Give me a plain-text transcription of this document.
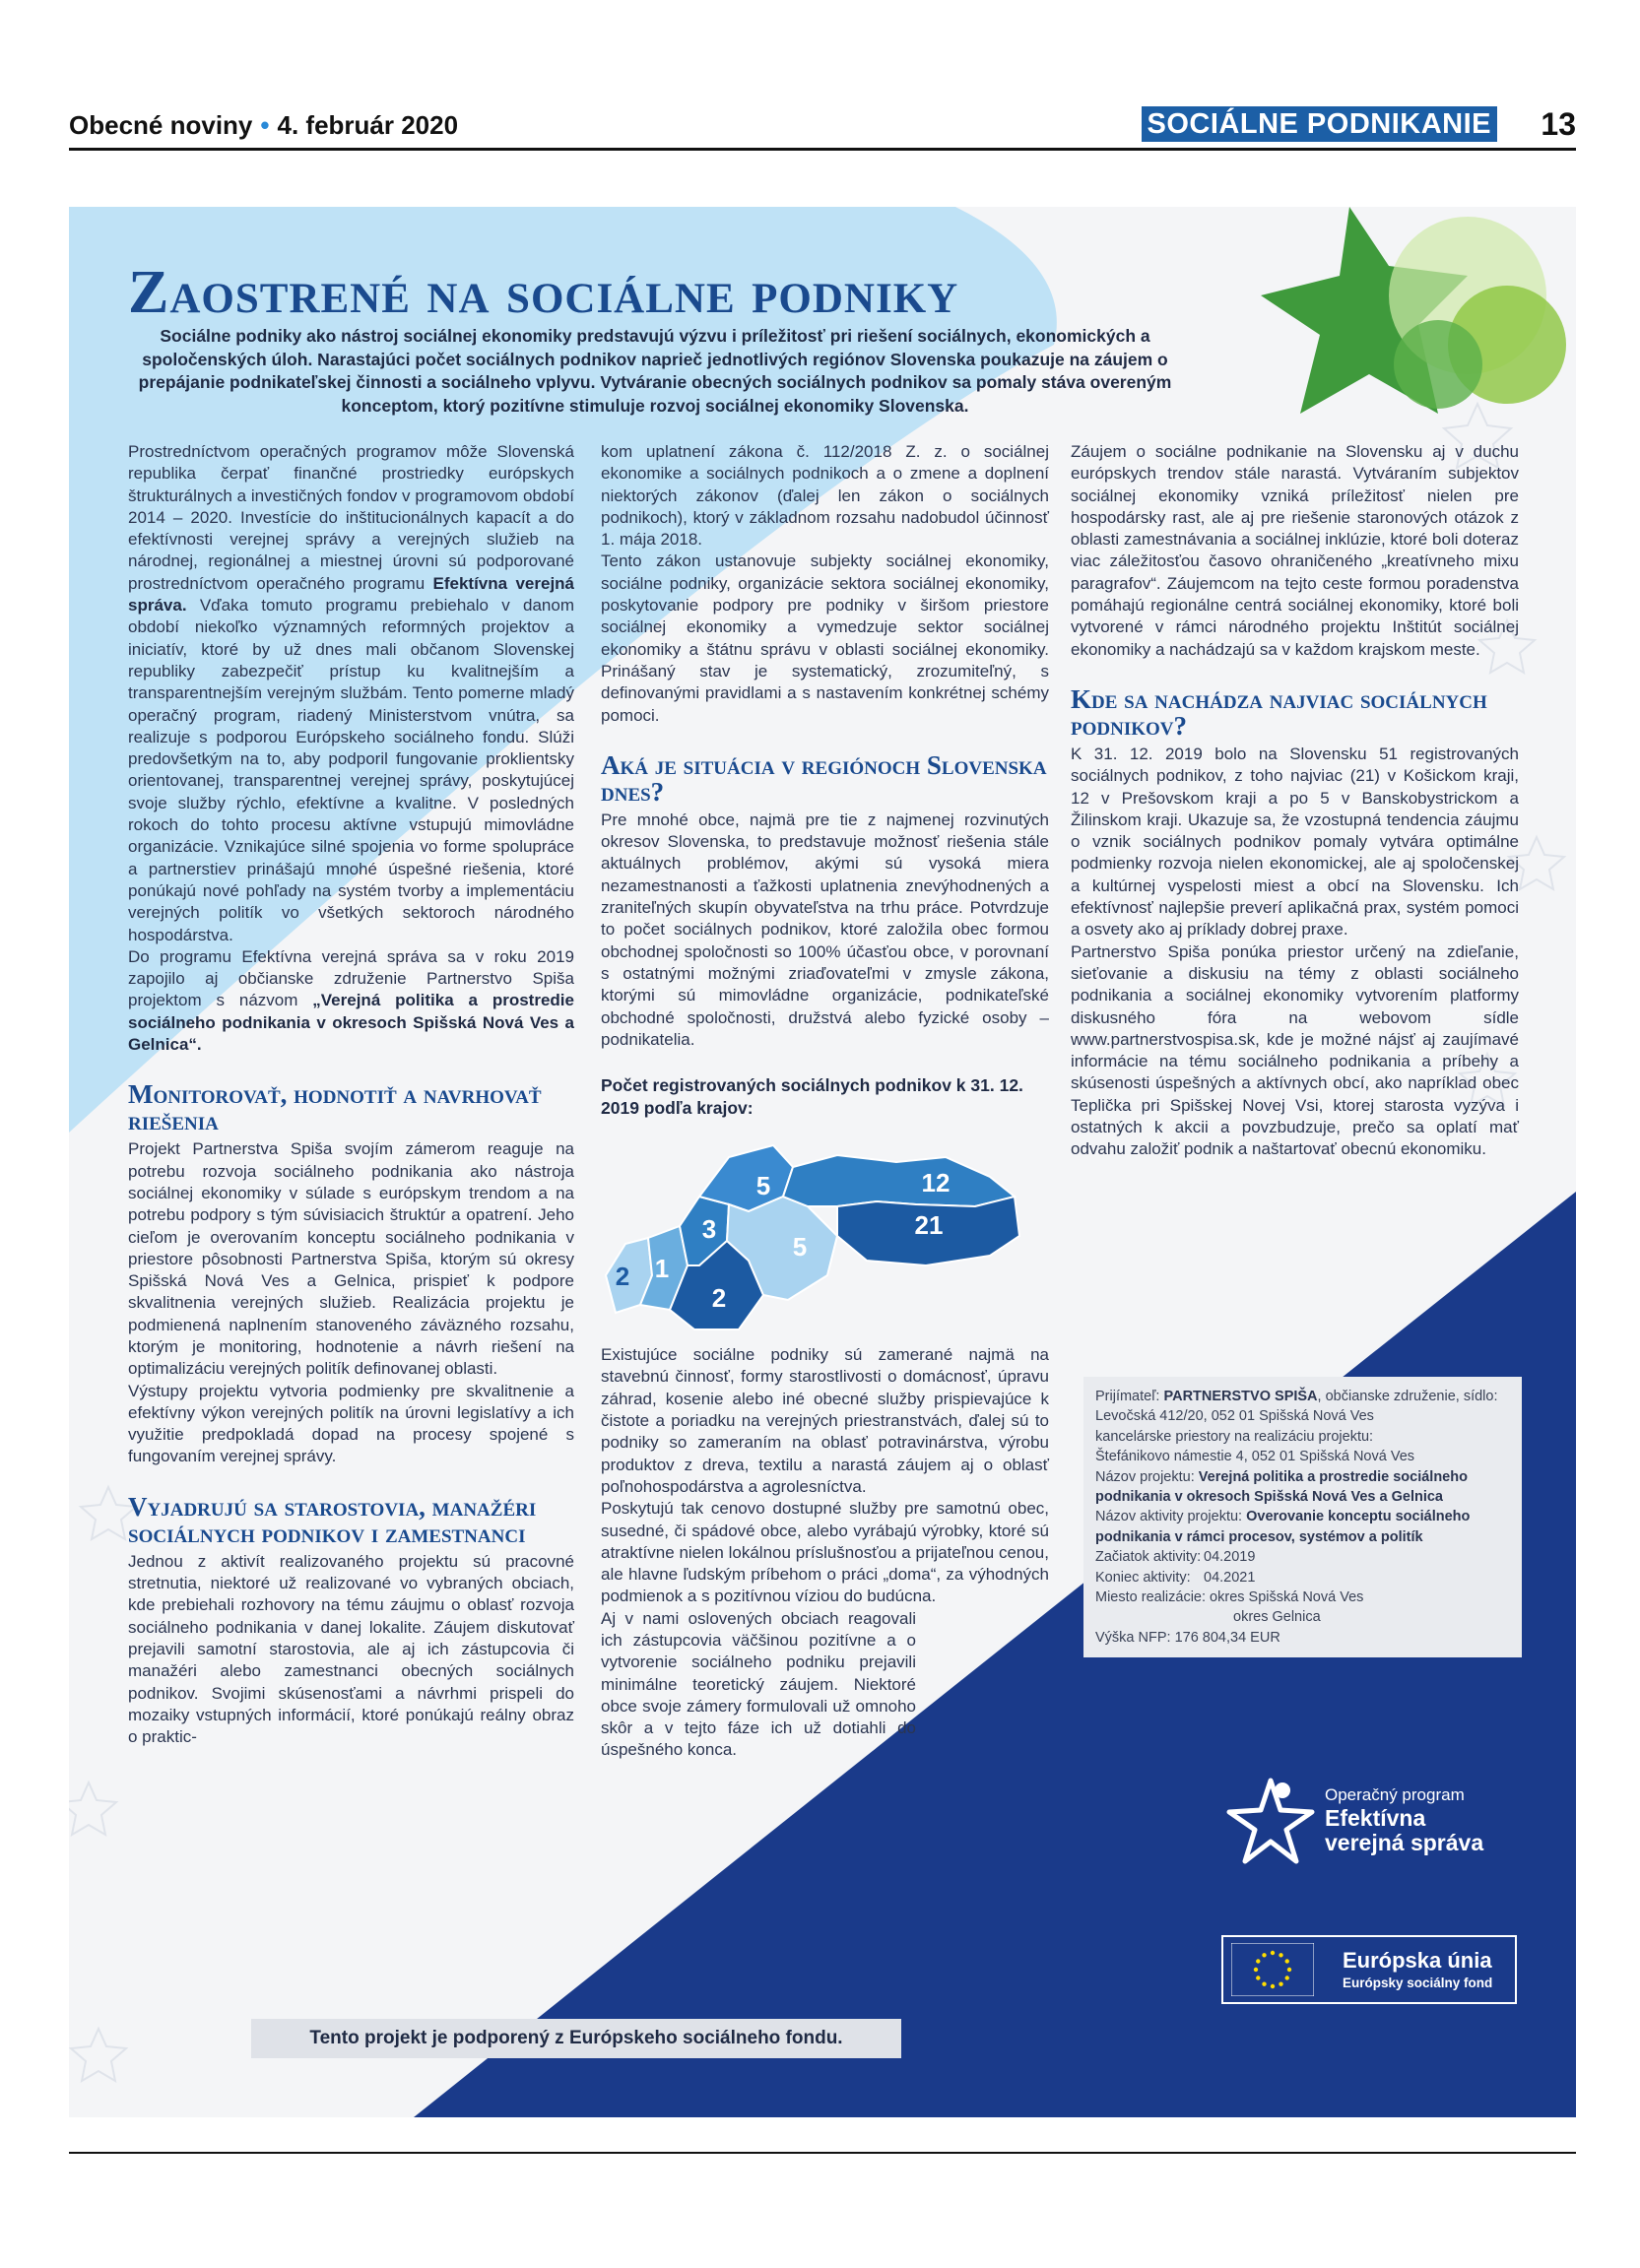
Obecné noviny • 4. február 2020	SOCIÁLNE PODNIKANIE 13
Zaostrené na sociálne podniky

Sociálne podniky ako nástroj sociálnej ekonomiky predstavujú výzvu i príležitosť pri riešení sociálnych, ekonomických a spoločenských úloh. Narastajúci počet sociálnych podnikov naprieč jednotlivých regiónov Slovenska poukazuje na záujem o prepájanie podnikateľskej činnosti a sociálneho vplyvu. Vytváranie obecných sociálnych podnikov sa pomaly stáva overeným konceptom, ktorý pozitívne stimuluje rozvoj sociálnej ekonomiky Slovenska.

Prostredníctvom operačných programov môže Slovenská republika čerpať finančné prostriedky európskych štrukturálnych a investičných fondov v programovom období 2014 – 2020. Investície do inštitucionálnych kapacít a do efektívnosti verejnej správy a verejných služieb na národnej, regionálnej a miestnej úrovni sú podporované prostredníctvom operačného programu Efektívna verejná správa. Vďaka tomuto programu prebiehalo v danom období niekoľko významných reformných projektov a iniciatív, ktoré by už dnes mali občanom Slovenskej republiky zabezpečiť prístup ku kvalitnejším a transparentnejším verejným službám. Tento pomerne mladý operačný program, riadený Ministerstvom vnútra, sa realizuje s podporou Európskeho sociálneho fondu. Slúži predovšetkým na to, aby podporil fungovanie proklientsky orientovanej, transparentnej verejnej správy, poskytujúcej svoje služby rýchlo, efektívne a kvalitne. V posledných rokoch do tohto procesu aktívne vstupujú mimovládne organizácie. Vznikajúce silné spojenia vo forme spolupráce a partnerstiev prinášajú mnohé úspešné riešenia, ktoré ponúkajú nové pohľady na systém tvorby a implementáciu verejných politík vo všetkých sektoroch národného hospodárstva.

Do programu Efektívna verejná správa sa v roku 2019 zapojilo aj občianske združenie Partnerstvo Spiša projektom s názvom „Verejná politika a prostredie sociálneho podnikania v okresoch Spišská Nová Ves a Gelnica“.

Monitorovať, hodnotiť a navrhovať riešenia

Projekt Partnerstva Spiša svojím zámerom reaguje na potrebu rozvoja sociálneho podnikania ako nástroja sociálnej ekonomiky v súlade s európskym trendom a na potrebu podpory s tým súvisiacich štruktúr a opatrení. Jeho cieľom je overovaním konceptu sociálneho podnikania v priestore pôsobnosti Partnerstva Spiša, ktorým sú okresy Spišská Nová Ves a Gelnica, prispieť k podpore skvalitnenia verejných služieb. Realizácia projektu je podmienená naplnením stanoveného záväzného rozsahu, ktorým je monitoring, hodnotenie a návrh riešení na optimalizáciu verejných politík definovanej oblasti.

Výstupy projektu vytvoria podmienky pre skvalitnenie a efektívny výkon verejných politík na úrovni legislatívy a ich využitie predpokladá dopad na procesy spojené s fungovaním verejnej správy.

Vyjadrujú sa starostovia, manažéri sociálnych podnikov i zamestnanci

Jednou z aktivít realizovaného projektu sú pracovné stretnutia, niektoré už realizované vo vybraných obciach, kde prebiehali rozhovory na tému záujmu o oblasť rozvoja sociálneho podnikania v danej lokalite. Záujem diskutovať prejavili samotní starostovia, ale aj ich zástupcovia či manažéri alebo zamestnanci obecných sociálnych podnikov. Svojimi skúsenosťami a návrhmi prispeli do mozaiky vstupných informácií, ktoré ponúkajú reálny obraz o praktic-

kom uplatnení zákona č. 112/2018 Z. z. o sociálnej ekonomike a sociálnych podnikoch a o zmene a doplnení niektorých zákonov (ďalej len zákon o sociálnych podnikoch), ktorý v základnom rozsahu nadobudol účinnosť 1. mája 2018.

Tento zákon ustanovuje subjekty sociálnej ekonomiky, sociálne podniky, organizácie sektora sociálnej ekonomiky, poskytovanie podpory pre podniky v širšom priestore sociálnej ekonomiky a vymedzuje sektor sociálnej ekonomiky a štátnu správu v oblasti sociálnej ekonomiky. Prinášaný stav je systematický, zrozumiteľný, s definovanými pravidlami a s nastavením konkrétnej schémy pomoci.

Aká je situácia v regiónoch Slovenska dnes?

Pre mnohé obce, najmä pre tie z najmenej rozvinutých okresov Slovenska, to predstavuje možnosť riešenia stále aktuálnych problémov, akými sú vysoká miera nezamestnanosti a ťažkosti uplatnenia znevýhodnených a zraniteľných skupín obyvateľstva na trhu práce. Potvrdzuje to počet sociálnych podnikov, ktoré založila obec formou obchodnej spoločnosti so 100% účasťou obce, v porovnaní s ostatnými možnými zriaďovateľmi v zmysle zákona, ktorými sú mimovládne organizácie, podnikateľské obchodné spoločnosti, družstvá alebo fyzické osoby – podnikatelia.

Počet registrovaných sociálnych podnikov k 31. 12. 2019 podľa krajov:
2 1
3
5
2
5
12
21

Existujúce sociálne podniky sú zamerané najmä na stavebnú činnosť, formy starostlivosti o domácnosť, úpravu záhrad, kosenie alebo iné obecné služby prispievajúce k čistote a poriadku na verejných priestranstvách, ďalej sú to podniky so zameraním na oblasť potravinárstva, výrobu produktov z dreva, textilu a narastá záujem aj o oblasť poľnohospodárstva a agrolesníctva.

Poskytujú tak cenovo dostupné služby pre samotnú obec, susedné, či spádové obce, alebo vyrábajú výrobky, ktoré sú atraktívne nielen lokálnou príslušnosťou a prijateľnou cenou, ale hlavne ľudským príbehom o práci „doma“, za výhodných podmienok a s pozitívnou víziou do budúcna.

Aj v nami oslovených obciach reagovali ich zástupcovia väčšinou pozitívne a o vytvorenie sociálneho podniku prejavili minimálne teoretický záujem. Niektoré obce svoje zámery formulovali už omnoho skôr a v tejto fáze ich už dotiahli do úspešného konca.

Záujem o sociálne podnikanie na Slovensku aj v duchu európskych trendov stále narastá. Vytváraním subjektov sociálnej ekonomiky vzniká príležitosť nielen pre hospodársky rast, ale aj pre riešenie staronových otázok z oblasti zamestnávania a sociálnej inklúzie, ktoré boli doteraz viac záležitosťou časovo ohraničeného „kreatívneho mixu paragrafov“. Záujemcom na tejto ceste formou poradenstva pomáhajú regionálne centrá sociálnej ekonomiky, ktoré boli vytvorené v rámci národného projektu Inštitút sociálnej ekonomiky a nachádzajú sa v každom krajskom meste.

Kde sa nachádza najviac sociálnych podnikov?

K 31. 12. 2019 bolo na Slovensku 51 registrovaných sociálnych podnikov, z toho najviac (21) v Košickom kraji, 12 v Prešovskom kraji a po 5 v Banskobystrickom a Žilinskom kraji. Ukazuje sa, že vzostupná tendencia záujmu o vznik sociálnych podnikov pomaly vytvára optimálne podmienky rozvoja nielen ekonomickej, ale aj spoločenskej a kultúrnej vyspelosti miest a obcí na Slovensku. Ich efektívnosť najlepšie preverí aplikačná prax, systém pomoci a osvety ako aj príklady dobrej praxe.

Partnerstvo Spiša ponúka priestor určený na zdieľanie, sieťovanie a diskusiu na témy z oblasti sociálneho podnikania a sociálnej ekonomiky vytvorením platformy diskusného fóra na webovom sídle www.partnerstvospisa.sk, kde je možné nájsť aj zaujímavé informácie na tému sociálneho podnikania a príbehy a skúsenosti úspešných a aktívnych obcí, ako napríklad obec Teplička pri Spišskej Novej Vsi, ktorej starosta vyzýva i ostatných k akcii a povzbudzuje, prečo sa oplatí mať odvahu založiť podnik a naštartovať obecnú ekonomiku.

Prijímateľ: PARTNERSTVO SPIŠA, občianske združenie, sídlo: Levočská 412/20, 052 01 Spišská Nová Ves
kancelárske priestory na realizáciu projektu:
Štefánikovo námestie 4, 052 01 Spišská Nová Ves
Názov projektu: Verejná politika a prostredie sociálneho podnikania v okresoch Spišská Nová Ves a Gelnica
Názov aktivity projektu: Overovanie konceptu sociálneho podnikania v rámci procesov, systémov a politík
Začiatok aktivity: 04.2019
Koniec aktivity: 04.2021
Miesto realizácie: okres Spišská Nová Ves
okres Gelnica
Výška NFP: 176 804,34 EUR
Operačný program
Efektívna
verejná správa
Európska únia
Európsky sociálny fond
Tento projekt je podporený z Európskeho sociálneho fondu.
